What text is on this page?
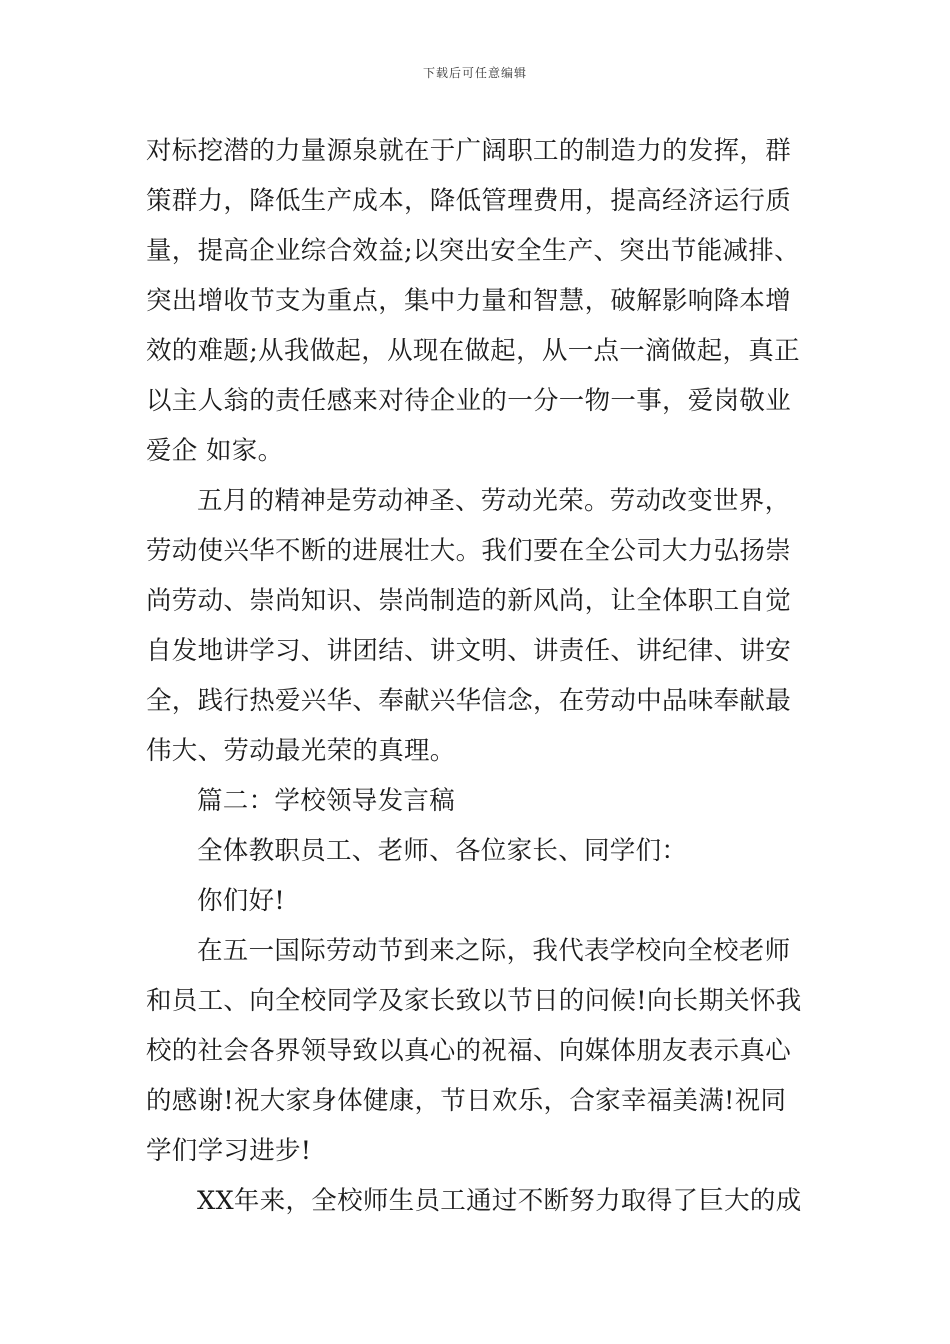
下载后可任意编辑
对标挖潜的力量源泉就在于广阔职工的制造力的发挥，群
策群力，降低生产成本，降低管理费用，提高经济运行质
量，提高企业综合效益;以突出安全生产、突出节能减排、
突出增收节支为重点，集中力量和智慧，破解影响降本增
效的难题;从我做起，从现在做起，从一点一滴做起，真正
以主人翁的责任感来对待企业的一分一物一事，爱岗敬业
爱企 如家。
五月的精神是劳动神圣、劳动光荣。劳动改变世界，
劳动使兴华不断的进展壮大。我们要在全公司大力弘扬崇
尚劳动、崇尚知识、崇尚制造的新风尚，让全体职工自觉
自发地讲学习、讲团结、讲文明、讲责任、讲纪律、讲安
全，践行热爱兴华、奉献兴华信念，在劳动中品味奉献最
伟大、劳动最光荣的真理。
篇二：学校领导发言稿
全体教职员工、老师、各位家长、同学们：
你们好!
在五一国际劳动节到来之际，我代表学校向全校老师
和员工、向全校同学及家长致以节日的问候!向长期关怀我
校的社会各界领导致以真心的祝福、向媒体朋友表示真心
的感谢!祝大家身体健康，节日欢乐，合家幸福美满!祝同
学们学习进步!
XX年来，全校师生员工通过不断努力取得了巨大的成
